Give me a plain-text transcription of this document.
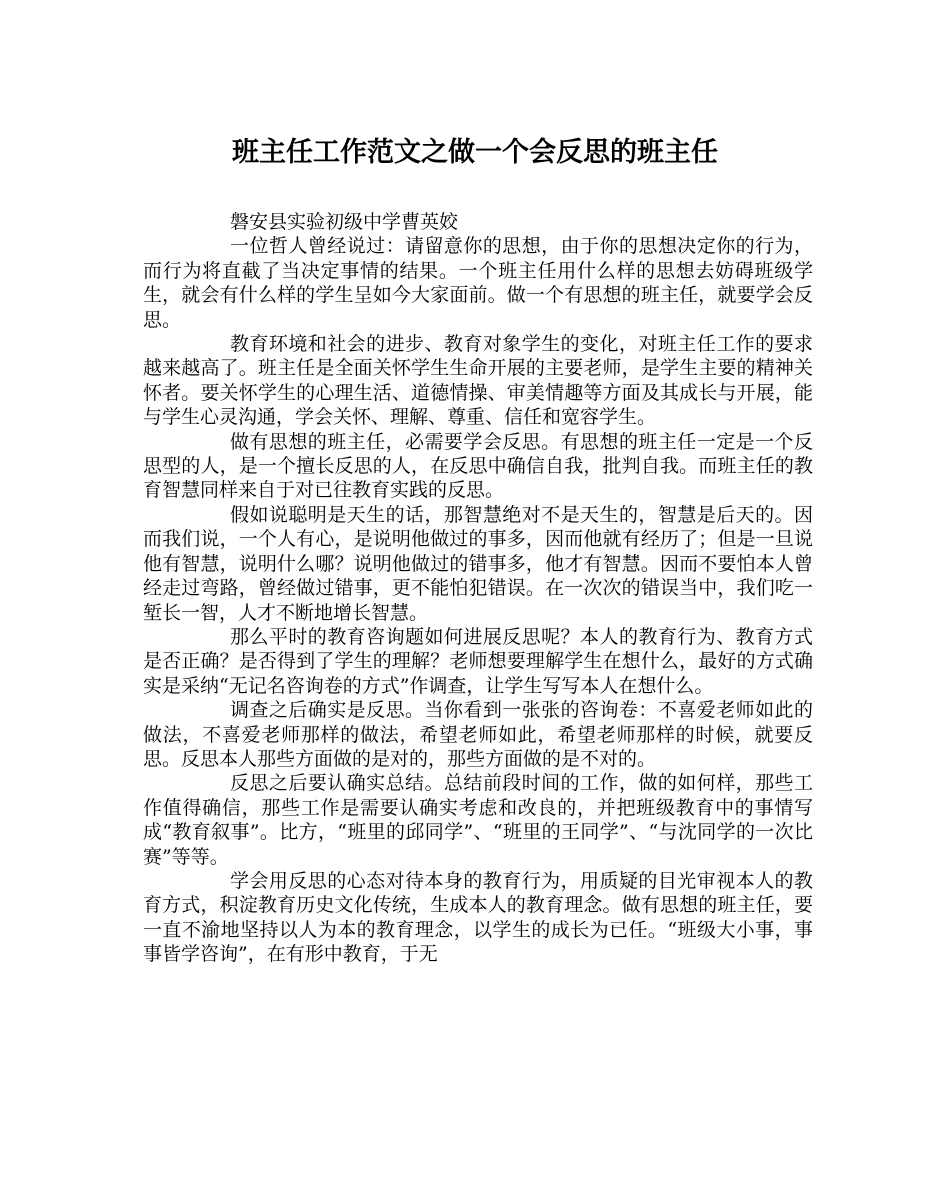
班主任工作范文之做一个会反思的班主任

磐安县实验初级中学曹英姣

一位哲人曾经说过：请留意你的思想，由于你的思想决定你的行为，而行为将直截了当决定事情的结果。一个班主任用什么样的思想去妨碍班级学生，就会有什么样的学生呈如今大家面前。做一个有思想的班主任，就要学会反思。

教育环境和社会的进步、教育对象学生的变化，对班主任工作的要求越来越高了。班主任是全面关怀学生生命开展的主要老师，是学生主要的精神关怀者。要关怀学生的心理生活、道德情操、审美情趣等方面及其成长与开展，能与学生心灵沟通，学会关怀、理解、尊重、信任和宽容学生。

做有思想的班主任，必需要学会反思。有思想的班主任一定是一个反思型的人，是一个擅长反思的人，在反思中确信自我，批判自我。而班主任的教育智慧同样来自于对已往教育实践的反思。

假如说聪明是天生的话，那智慧绝对不是天生的，智慧是后天的。因而我们说，一个人有心，是说明他做过的事多，因而他就有经历了；但是一旦说他有智慧，说明什么哪？说明他做过的错事多，他才有智慧。因而不要怕本人曾经走过弯路，曾经做过错事，更不能怕犯错误。在一次次的错误当中，我们吃一堑长一智，人才不断地增长智慧。

那么平时的教育咨询题如何进展反思呢？本人的教育行为、教育方式是否正确？是否得到了学生的理解？老师想要理解学生在想什么，最好的方式确实是采纳“无记名咨询卷的方式”作调查，让学生写写本人在想什么。

调查之后确实是反思。当你看到一张张的咨询卷：不喜爱老师如此的做法，不喜爱老师那样的做法，希望老师如此，希望老师那样的时候，就要反思。反思本人那些方面做的是对的，那些方面做的是不对的。

反思之后要认确实总结。总结前段时间的工作，做的如何样，那些工作值得确信，那些工作是需要认确实考虑和改良的，并把班级教育中的事情写成“教育叙事”。比方，“班里的邱同学”、“班里的王同学”、“与沈同学的一次比赛”等等。

学会用反思的心态对待本身的教育行为，用质疑的目光审视本人的教育方式，积淀教育历史文化传统，生成本人的教育理念。做有思想的班主任，要一直不渝地坚持以人为本的教育理念，以学生的成长为已任。“班级大小事，事事皆学咨询”，在有形中教育，于无
